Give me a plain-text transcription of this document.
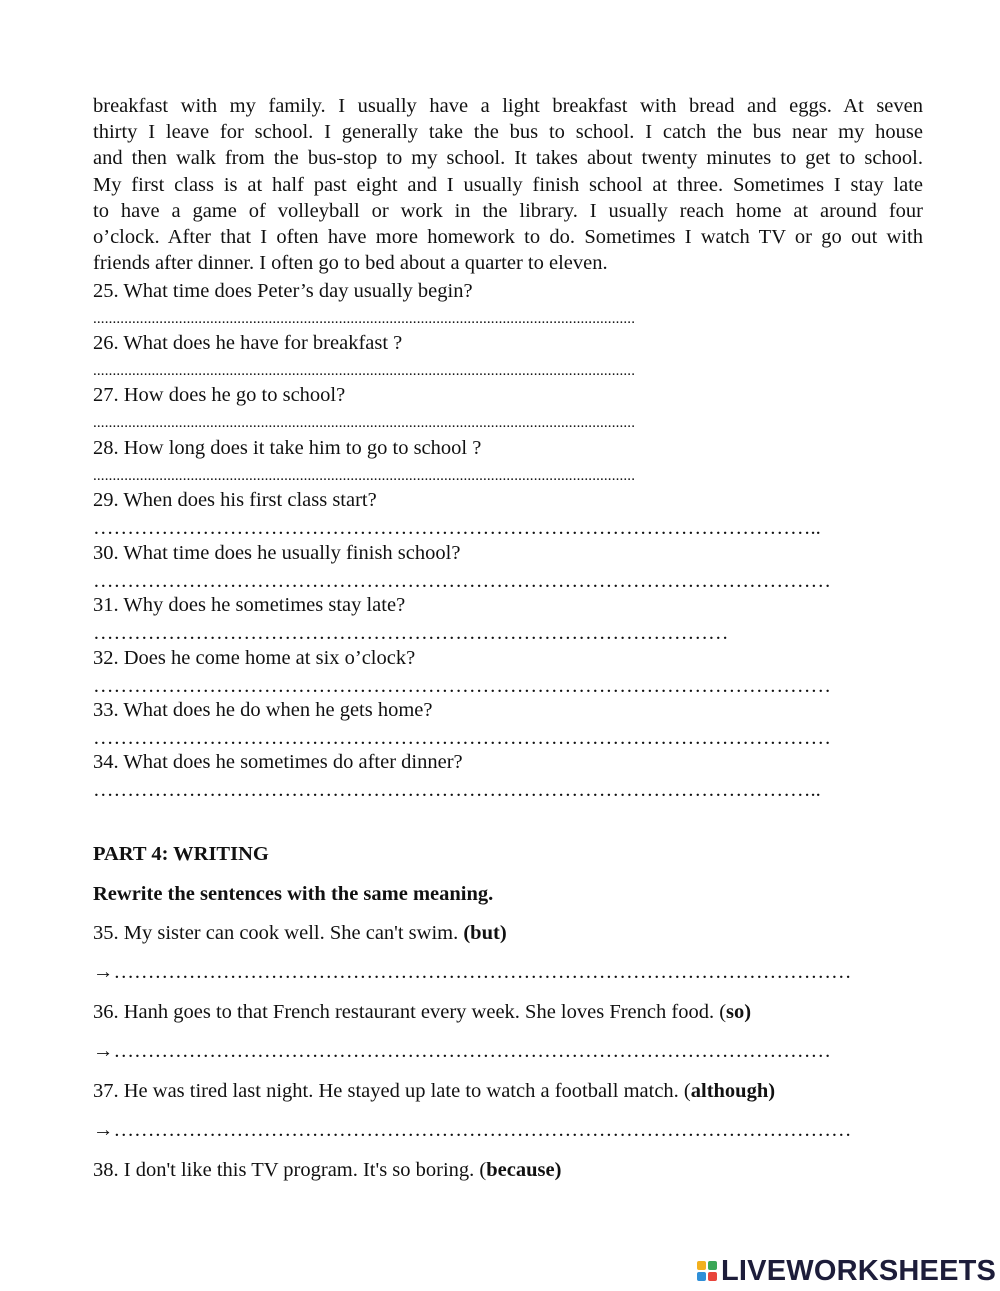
breakfast with my family. I usually have a light breakfast with bread and eggs. At seven
thirty I leave for school. I generally take the bus to school. I catch the bus near my house
and then walk from the bus-stop to my school. It takes about twenty minutes to get to school.
My first class is at half past eight and I usually finish school at three. Sometimes I stay late
to have a game of volleyball or work in the library. I usually reach home at around four
o’clock. After that I often have more homework to do. Sometimes I watch TV or go out with
friends after dinner. I often go to bed about a quarter to eleven.
25. What time does Peter’s day usually begin?
...........................................................................................................................................
26. What does he have for breakfast ?
...........................................................................................................................................
27. How does he go to school?
...........................................................................................................................................
28. How long does it take him to go to school ?
...........................................................................................................................................
29. When does his first class start?
……………………………………………………………………………………………..
30. What time does he usually finish school?
………………………………………………………………………………………………
31. Why does he sometimes stay late?
…………………………………………………………………………………
32. Does he come home at six o’clock?
………………………………………………………………………………………………
33. What does he do when he gets home?
………………………………………………………………………………………………
34. What does he sometimes do after dinner?
……………………………………………………………………………………………..
PART 4: WRITING
Rewrite the sentences with the same meaning.
35. My sister can cook well. She can't swim. (but)
→………………………………………………………………………………………………
36. Hanh goes to that French restaurant every week. She loves French food. (so)
→……………………………………………………………………………………………
37. He was tired last night. He stayed up late to watch a football match. (although)
→………………………………………………………………………………………………
38. I don't like this TV program. It's so boring. (because)
LIVEWORKSHEETS
